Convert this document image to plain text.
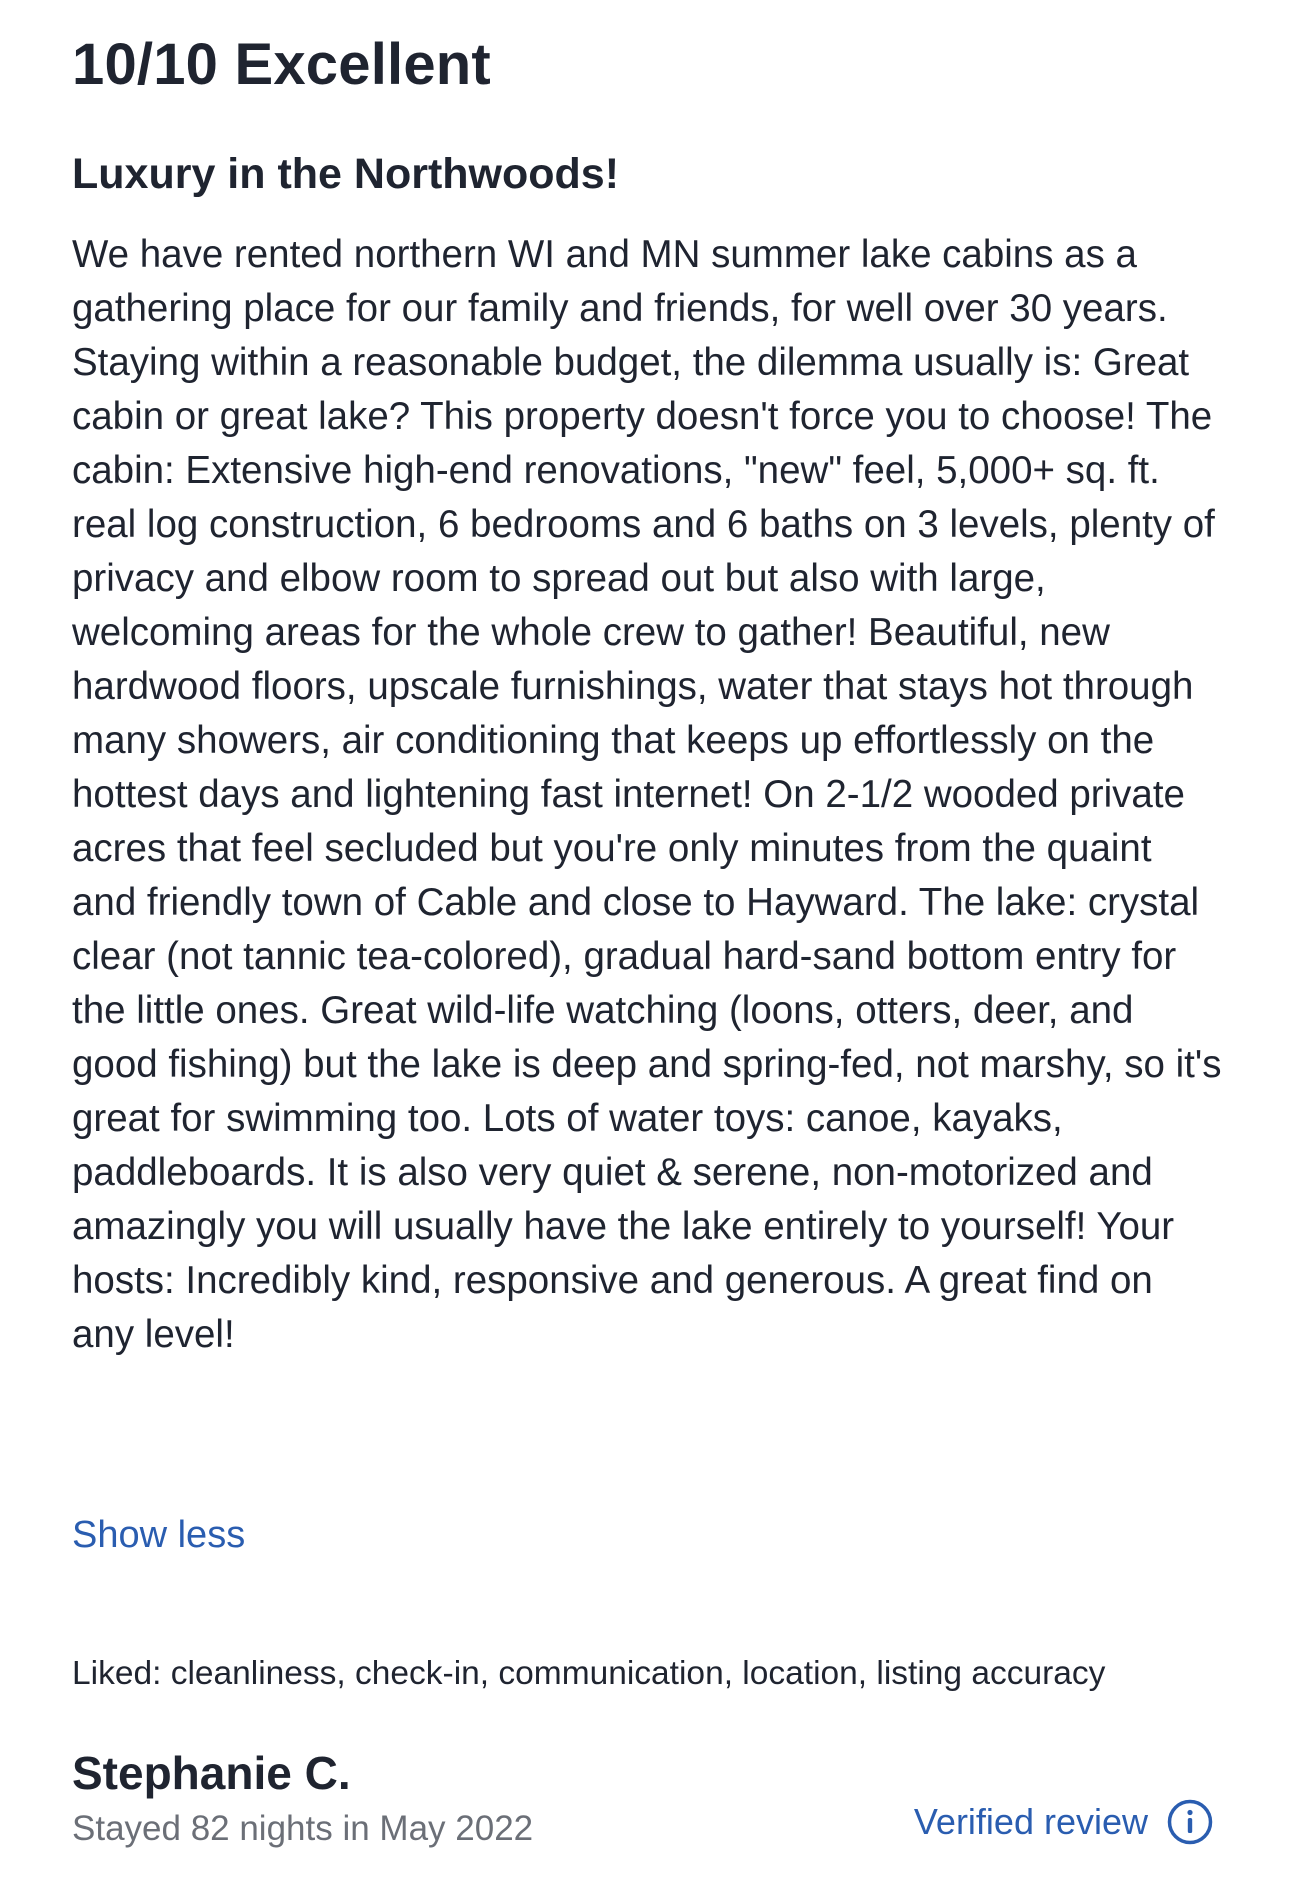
10/10 Excellent
Luxury in the Northwoods!

We have rented northern WI and MN summer lake cabins as a gathering place for our family and friends, for well over 30 years. Staying within a reasonable budget, the dilemma usually is: Great cabin or great lake? This property doesn't force you to choose! The cabin: Extensive high-end renovations, "new" feel, 5,000+ sq. ft. real log construction, 6 bedrooms and 6 baths on 3 levels, plenty of privacy and elbow room to spread out but also with large, welcoming areas for the whole crew to gather! Beautiful, new hardwood floors, upscale furnishings, water that stays hot through many showers, air conditioning that keeps up effortlessly on the hottest days and lightening fast internet! On 2-1/2 wooded private acres that feel secluded but you're only minutes from the quaint and friendly town of Cable and close to Hayward. The lake: crystal clear (not tannic tea-colored), gradual hard-sand bottom entry for the little ones. Great wild-life watching (loons, otters, deer, and good fishing) but the lake is deep and spring-fed, not marshy, so it's great for swimming too. Lots of water toys: canoe, kayaks, paddleboards. It is also very quiet & serene, non-motorized and amazingly you will usually have the lake entirely to yourself! Your hosts: Incredibly kind, responsive and generous. A great find on any level!

Show less
Liked: cleanliness, check-in, communication, location, listing accuracy
Stephanie C.
Stayed 82 nights in May 2022	Verified review
